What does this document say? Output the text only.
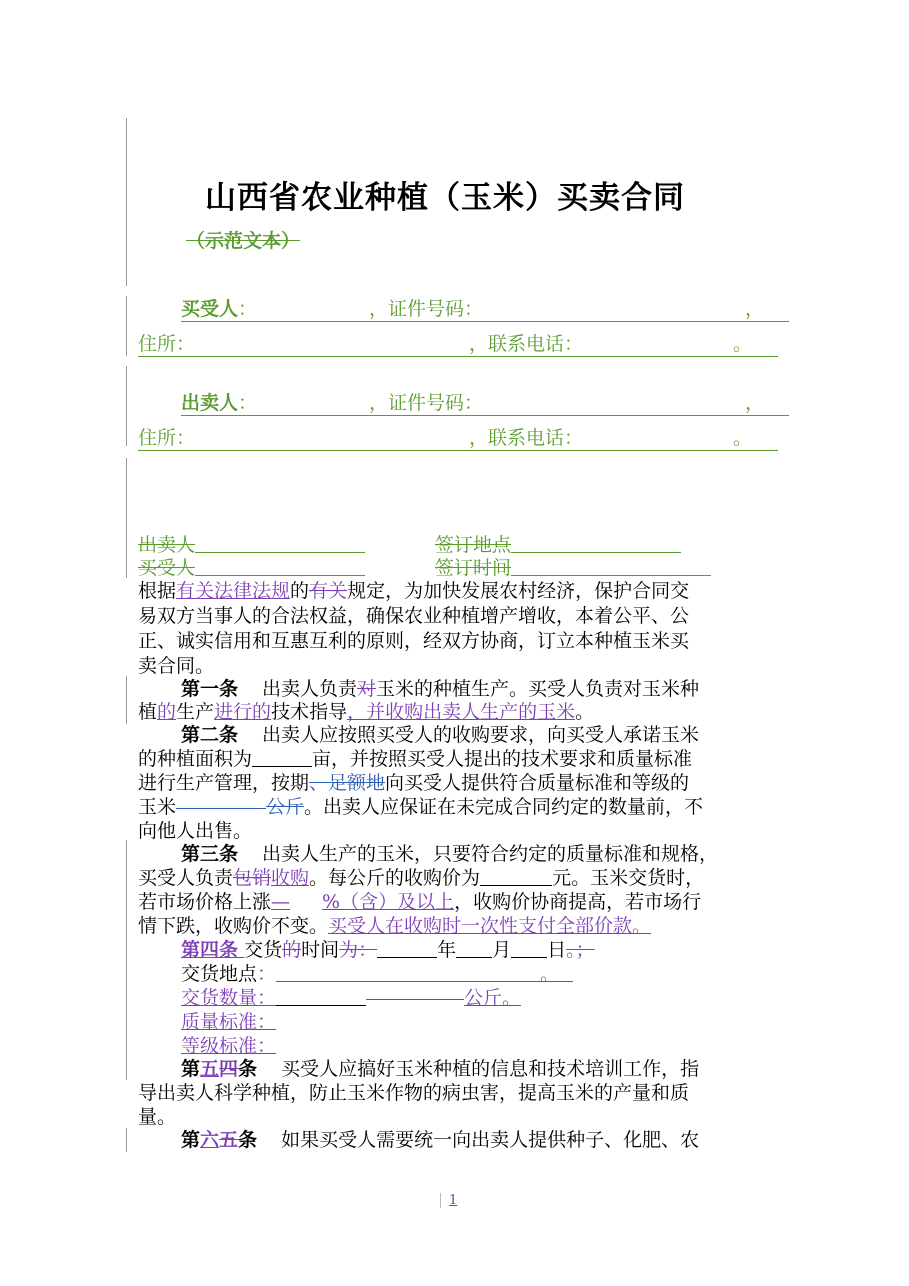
山西省农业种植（玉米）买卖合同
（示范文本）
买受人：	，证件号码：	，
住所：	，联系电话：	。
出卖人：	，证件号码：	，
住所：	，联系电话：	。
出卖人	签订地点
买受人	签订时间
根据有关法律法规的有关规定，为加快发展农村经济，保护合同交
易双方当事人的合法权益，确保农业种植增产增收，本着公平、公
正、诚实信用和互惠互利的原则，经双方协商，订立本种植玉米买
卖合同。
第一条 出卖人负责对玉米的种植生产。买受人负责对玉米种
植的生产进行的技术指导，并收购出卖人生产的玉米。
第二条 出卖人应按照买受人的收购要求，向买受人承诺玉米
的种植面积为	亩，并按照买受人提出的技术要求和质量标准
进行生产管理，按期、足额地向买受人提供符合质量标准和等级的
玉米	公斤。出卖人应保证在未完成合同约定的数量前，不
向他人出售。
第三条 出卖人生产的玉米，只要符合约定的质量标准和规格，
买受人负责包销收购。每公斤的收购价为	元。玉米交货时，
若市场价格上涨— %（含）及以上，收购价协商提高，若市场行
情下跌，收购价不变。买受人在收购时一次性支付全部价款。
第四条 交货的时间为：	年 月 日。；
交货地点：	。
交货数量：	公斤。
质量标准：
等级标准：
第五四条 买受人应搞好玉米种植的信息和技术培训工作，指
导出卖人科学种植，防止玉米作物的病虫害，提高玉米的产量和质
量。
第六五条 如果买受人需要统一向出卖人提供种子、化肥、农
1
